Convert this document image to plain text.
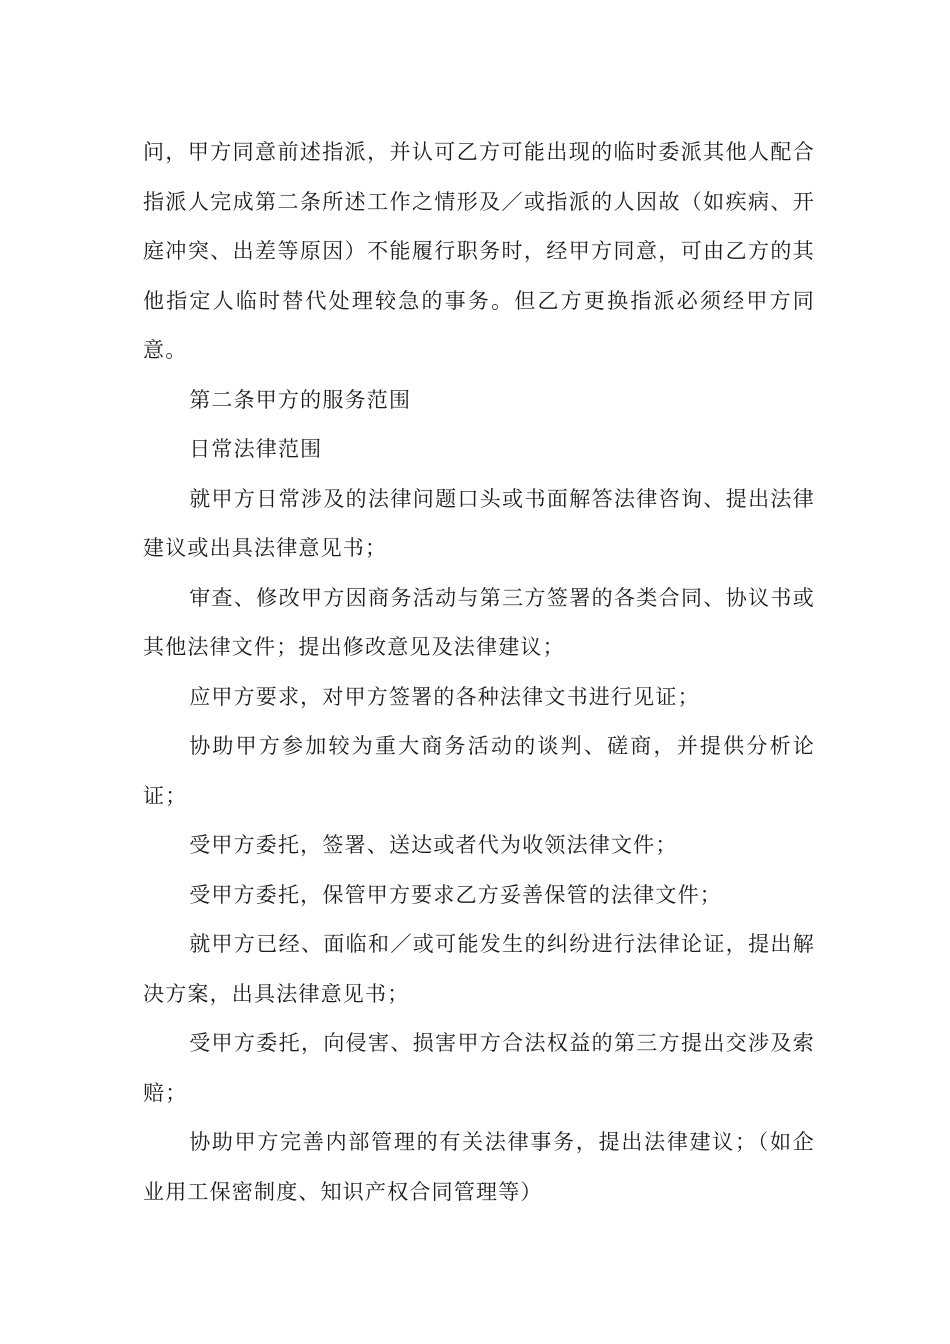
问，甲方同意前述指派，并认可乙方可能出现的临时委派其他人配合指派人完成第二条所述工作之情形及／或指派的人因故（如疾病、开庭冲突、出差等原因）不能履行职务时，经甲方同意，可由乙方的其他指定人临时替代处理较急的事务。但乙方更换指派必须经甲方同意。

第二条甲方的服务范围

日常法律范围

就甲方日常涉及的法律问题口头或书面解答法律咨询、提出法律建议或出具法律意见书；

审查、修改甲方因商务活动与第三方签署的各类合同、协议书或其他法律文件；提出修改意见及法律建议；

应甲方要求，对甲方签署的各种法律文书进行见证；

协助甲方参加较为重大商务活动的谈判、磋商，并提供分析论证；

受甲方委托，签署、送达或者代为收领法律文件；

受甲方委托，保管甲方要求乙方妥善保管的法律文件；

就甲方已经、面临和／或可能发生的纠纷进行法律论证，提出解决方案，出具法律意见书；

受甲方委托，向侵害、损害甲方合法权益的第三方提出交涉及索赔；

协助甲方完善内部管理的有关法律事务，提出法律建议；（如企业用工保密制度、知识产权合同管理等）
